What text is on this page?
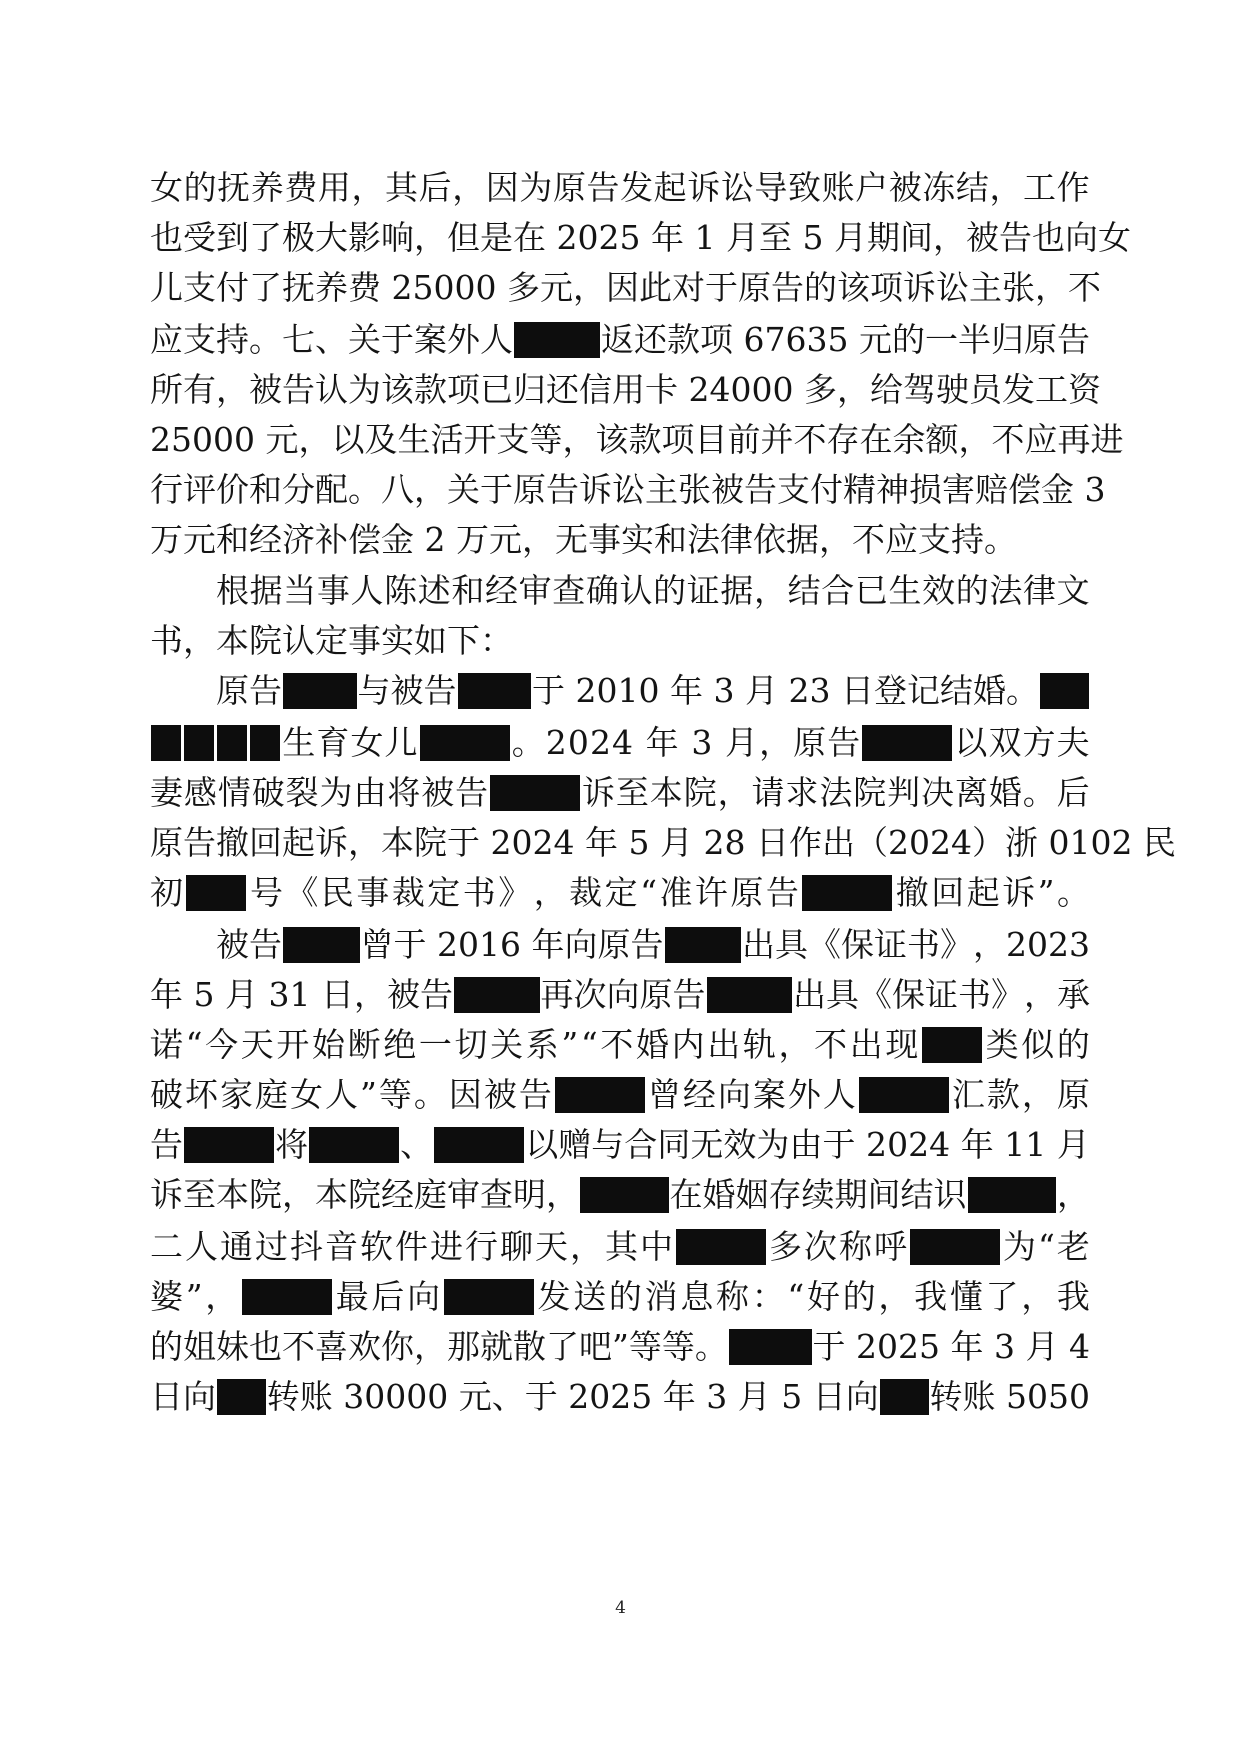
女 的 抚 养 费 用 ， 其 后 ， 因 为 原 告 发 起 诉 讼 导 致 账 户 被 冻 结 ， 工 作
也 受 到 了 极 大 影 响 ， 但 是 在
2 0 2 5
年
1
月 至
5
月 期 间 ， 被 告 也 向 女
儿 支 付 了 抚 养 费
2 5 0 0 0
多 元 ， 因 此 对 于 原 告 的 该 项 诉 讼 主 张 ， 不
应 支 持 。 七 、 关 于 案 外 人	返 还 款 项
6 7 6 3 5
元 的 一 半 归 原 告
所 有 ， 被 告 认 为 该 款 项 已 归 还 信 用 卡
2 4 0 0 0
多 ， 给 驾 驶 员 发 工 资
2 5 0 0 0
元 ， 以 及 生 活 开 支 等 ， 该 款 项 目 前 并 不 存 在 余 额 ， 不 应 再 进
行 评 价 和 分 配 。 八 ， 关 于 原 告 诉 讼 主 张 被 告 支 付 精 神 损 害 赔 偿 金
3
万 元 和 经 济 补 偿 金
2
万 元 ， 无 事 实 和 法 律 依 据 ， 不 应 支 持 。
根 据 当 事 人 陈 述 和 经 审 查 确 认 的 证 据 ， 结 合 已 生 效 的 法 律 文
书 ， 本 院 认 定 事 实 如 下 ：
原 告 与 被 告 于
2 0 1 0
年
3
月
2 3
日 登 记 结 婚 。
生 育 女 儿	。 2 0 2 4
年
3
月 ， 原 告	以 双 方 夫
妻 感 情 破 裂 为 由 将 被 告	诉 至 本 院 ， 请 求 法 院 判 决 离 婚 。 后
原 告 撤 回 起 诉 ， 本 院 于
2 0 2 4
年
5
月
2 8
日 作 出 （ 2 0 2 4 ） 浙
0 1 0 2
民
初 号 《 民 事 裁 定 书 》 ， 裁 定 “ 准 许 原 告	撤 回 起 诉 ” 。
被 告 曾 于
2 0 1 6
年 向 原 告 出 具 《 保 证 书 》 ， 2 0 2 3
年
5
月
3 1
日 ， 被 告	再 次 向 原 告	出 具 《 保 证 书 》 ， 承
诺 “ 今 天 开 始 断 绝 一 切 关 系 ” “ 不 婚 内 出 轨 ， 不 出 现 类 似 的
破 坏 家 庭 女 人 ” 等 。 因 被 告	曾 经 向 案 外 人	汇 款 ， 原
告	将	、	以 赠 与 合 同 无 效 为 由 于
2 0 2 4
年
1 1
月
诉 至 本 院 ， 本 院 经 庭 审 查 明 ，	在 婚 姻 存 续 期 间 结 识	，
二 人 通 过 抖 音 软 件 进 行 聊 天 ， 其 中	多 次 称 呼	为 “ 老
婆 ” ，	最 后 向	发 送 的 消 息 称 ： “ 好 的 ， 我 懂 了 ， 我
的 姐 妹 也 不 喜 欢 你 ， 那 就 散 了 吧 ” 等 等 。	于
2 0 2 5
年
3
月
4
日 向 转 账
3 0 0 0 0
元 、 于
2 0 2 5
年
3
月
5
日 向 转 账
5 0 5 0
4
